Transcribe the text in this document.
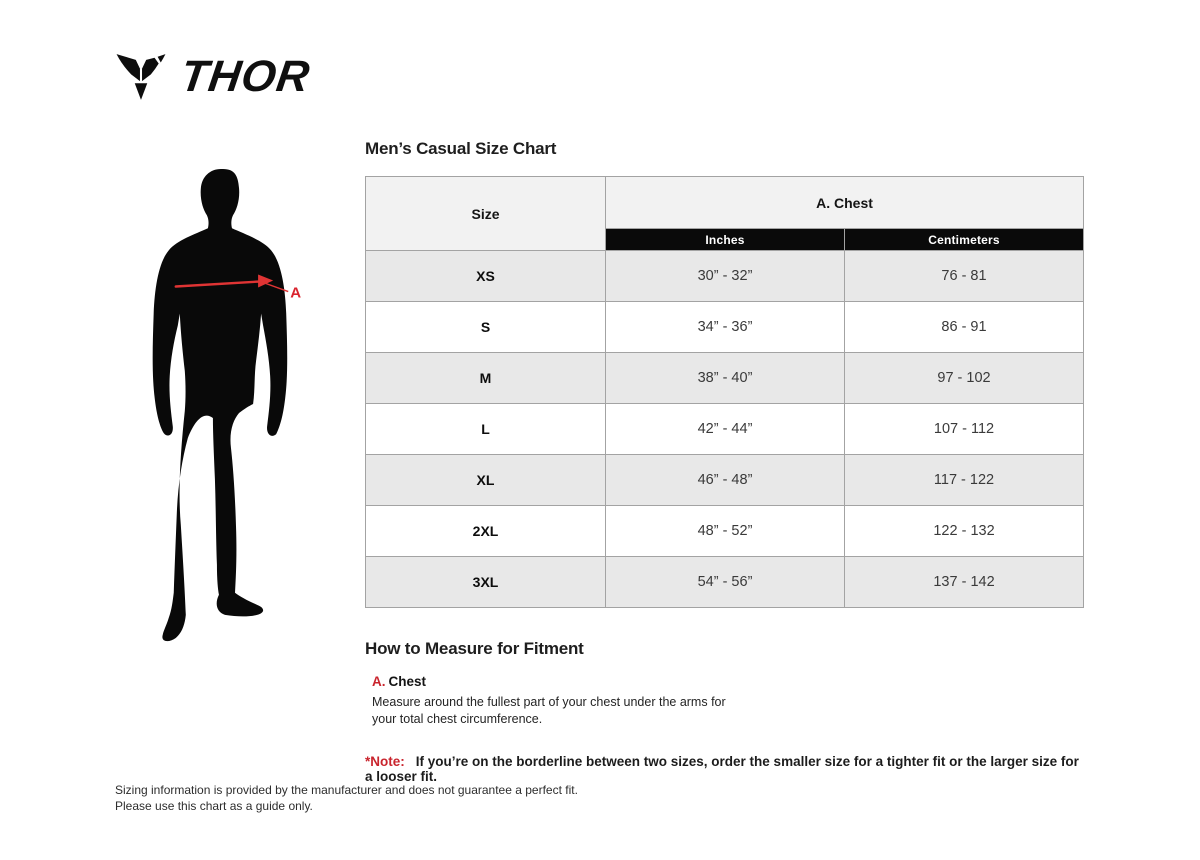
THOR
A
Men’s Casual Size Chart
Size	A. Chest	
	Inches	Centimeters
XS	30” - 32”	76 - 81
S	34” - 36”	86 - 91
M	38” - 40”	97 - 102
L	42” - 44”	107 - 112
XL	46” - 48”	117 - 122
2XL	48” - 52”	122 - 132
3XL	54” - 56”	137 - 142
How to Measure for Fitment
A. Chest

Measure around the fullest part of your chest under the arms for your total chest circumference.

*Note: If you’re on the borderline between two sizes, order the smaller size for a tighter fit or the larger size for a looser fit.

Sizing information is provided by the manufacturer and does not guarantee a perfect fit.
Please use this chart as a guide only.
